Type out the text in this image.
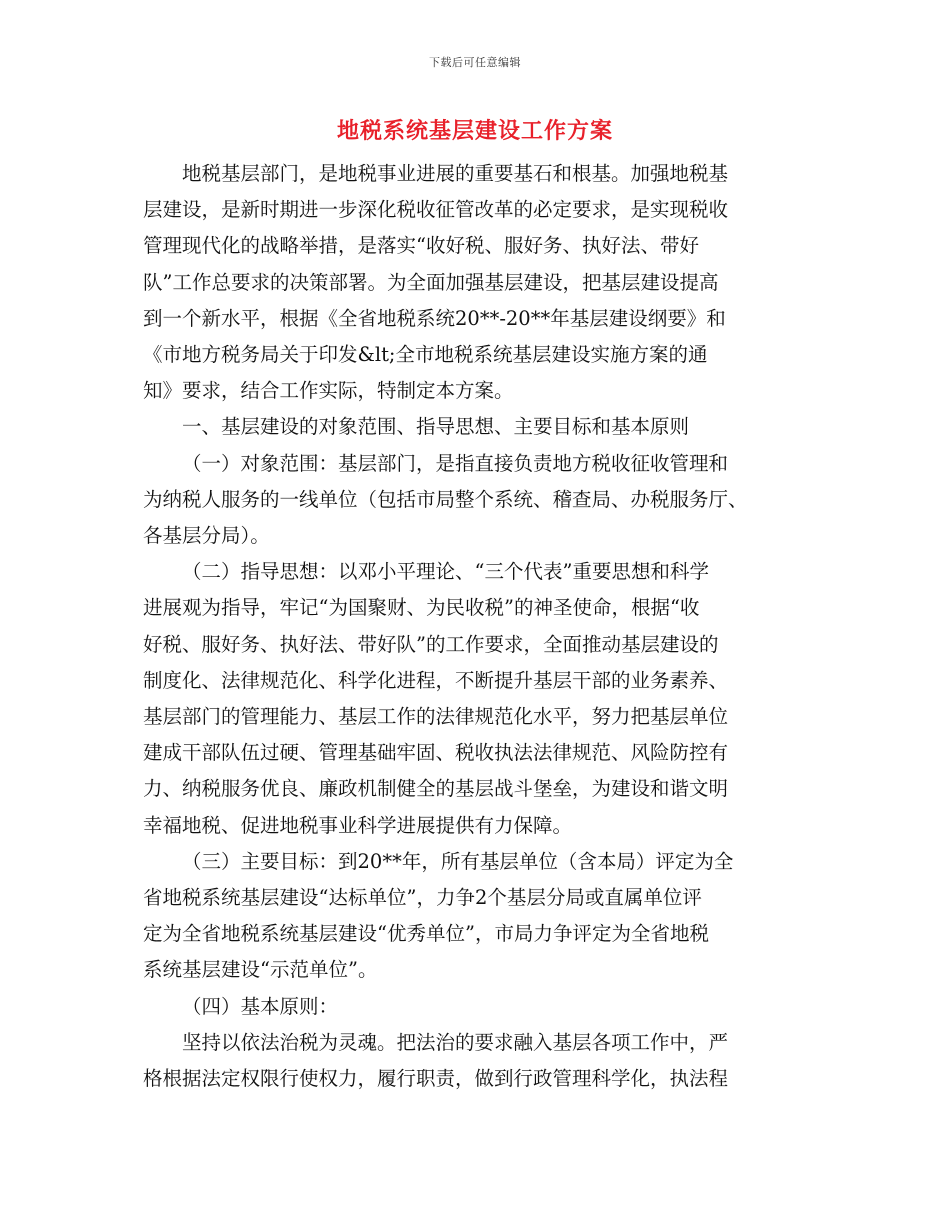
下载后可任意编辑
地税系统基层建设工作方案
地税基层部门，是地税事业进展的重要基石和根基。加强地税基
层建设，是新时期进一步深化税收征管改革的必定要求，是实现税收
管理现代化的战略举措，是落实“收好税、服好务、执好法、带好
队”工作总要求的决策部署。为全面加强基层建设，把基层建设提高
到一个新水平，根据《全省地税系统20**-20**年基层建设纲要》和
《市地方税务局关于印发&lt;全市地税系统基层建设实施方案的通
知》要求，结合工作实际，特制定本方案。
一、基层建设的对象范围、指导思想、主要目标和基本原则
（一）对象范围：基层部门，是指直接负责地方税收征收管理和
为纳税人服务的一线单位（包括市局整个系统、稽查局、办税服务厅、
各基层分局）。
（二）指导思想：以邓小平理论、“三个代表”重要思想和科学
进展观为指导，牢记“为国聚财、为民收税”的神圣使命，根据“收
好税、服好务、执好法、带好队”的工作要求，全面推动基层建设的
制度化、法律规范化、科学化进程，不断提升基层干部的业务素养、
基层部门的管理能力、基层工作的法律规范化水平，努力把基层单位
建成干部队伍过硬、管理基础牢固、税收执法法律规范、风险防控有
力、纳税服务优良、廉政机制健全的基层战斗堡垒，为建设和谐文明
幸福地税、促进地税事业科学进展提供有力保障。
（三）主要目标：到20**年，所有基层单位（含本局）评定为全
省地税系统基层建设“达标单位”，力争2个基层分局或直属单位评
定为全省地税系统基层建设“优秀单位”，市局力争评定为全省地税
系统基层建设“示范单位”。
（四）基本原则：
坚持以依法治税为灵魂。把法治的要求融入基层各项工作中，严
格根据法定权限行使权力，履行职责，做到行政管理科学化，执法程
